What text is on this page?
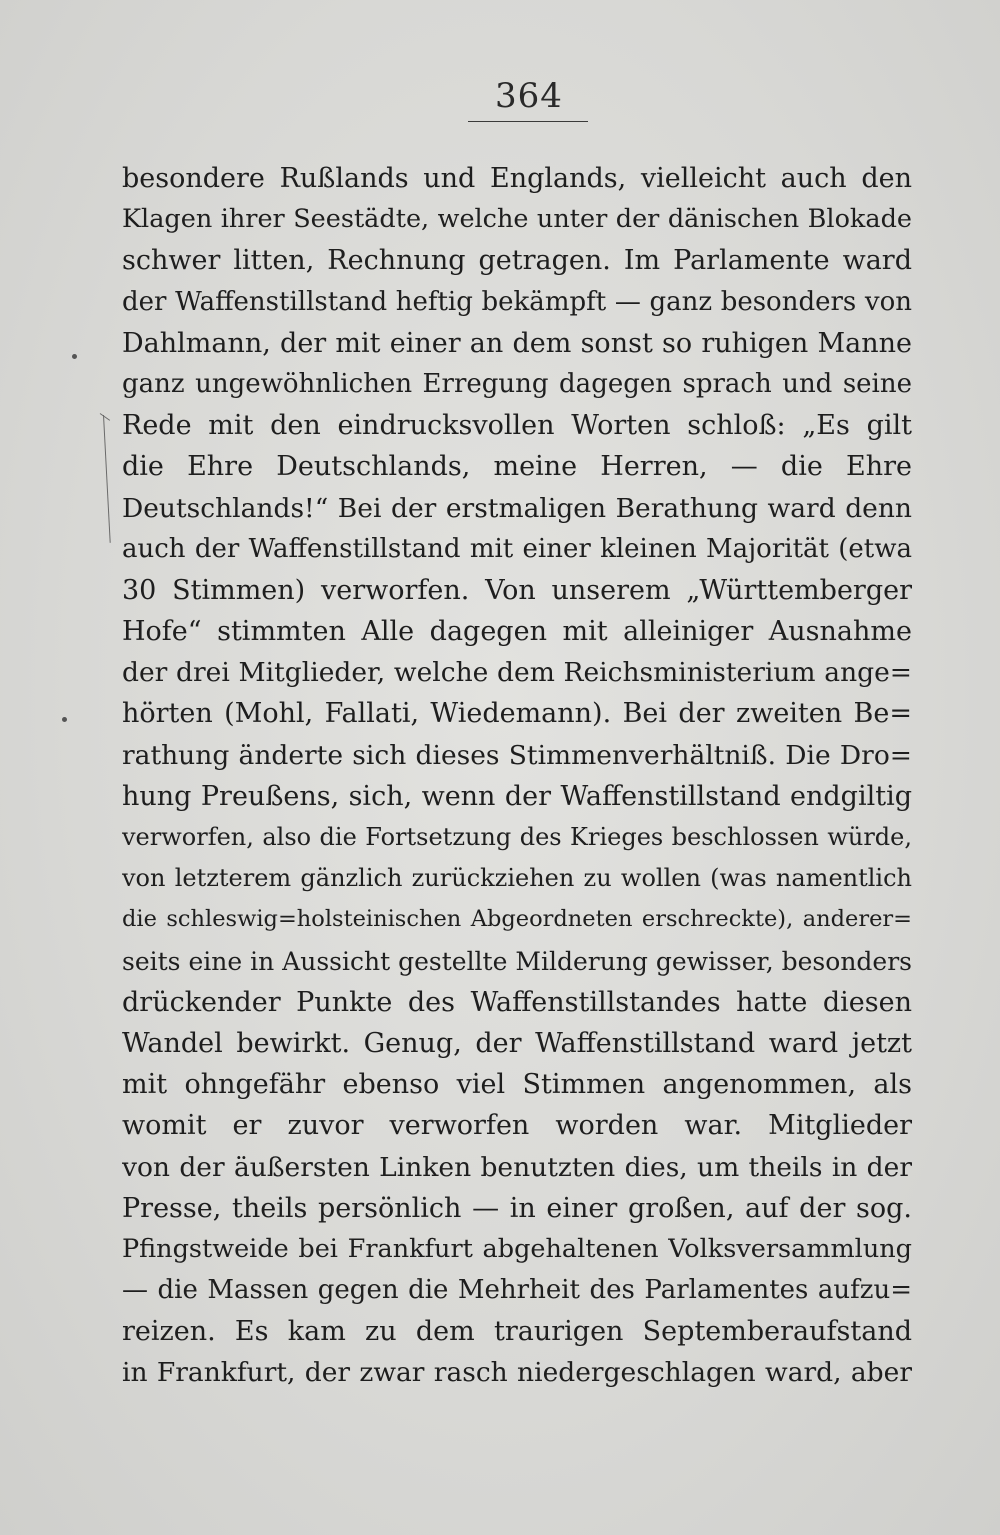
364
besondere Rußlands und Englands, vielleicht auch den
Klagen ihrer Seestädte, welche unter der dänischen Blokade
schwer litten, Rechnung getragen. Im Parlamente ward
der Waffenstillstand heftig bekämpft — ganz besonders von
Dahlmann, der mit einer an dem sonst so ruhigen Manne
ganz ungewöhnlichen Erregung dagegen sprach und seine
Rede mit den eindrucksvollen Worten schloß: „Es gilt
die Ehre Deutschlands, meine Herren, — die Ehre
Deutschlands!“ Bei der erstmaligen Berathung ward denn
auch der Waffenstillstand mit einer kleinen Majorität (etwa
30 Stimmen) verworfen. Von unserem „Württemberger
Hofe“ stimmten Alle dagegen mit alleiniger Ausnahme
der drei Mitglieder, welche dem Reichsministerium ange=
hörten (Mohl, Fallati, Wiedemann). Bei der zweiten Be=
rathung änderte sich dieses Stimmenverhältniß. Die Dro=
hung Preußens, sich, wenn der Waffenstillstand endgiltig
verworfen, also die Fortsetzung des Krieges beschlossen würde,
von letzterem gänzlich zurückziehen zu wollen (was namentlich
die schleswig=holsteinischen Abgeordneten erschreckte), anderer=
seits eine in Aussicht gestellte Milderung gewisser, besonders
drückender Punkte des Waffenstillstandes hatte diesen
Wandel bewirkt. Genug, der Waffenstillstand ward jetzt
mit ohngefähr ebenso viel Stimmen angenommen, als
womit er zuvor verworfen worden war. Mitglieder
von der äußersten Linken benutzten dies, um theils in der
Presse, theils persönlich — in einer großen, auf der sog.
Pfingstweide bei Frankfurt abgehaltenen Volksversammlung
— die Massen gegen die Mehrheit des Parlamentes aufzu=
reizen. Es kam zu dem traurigen Septemberaufstand
in Frankfurt, der zwar rasch niedergeschlagen ward, aber
